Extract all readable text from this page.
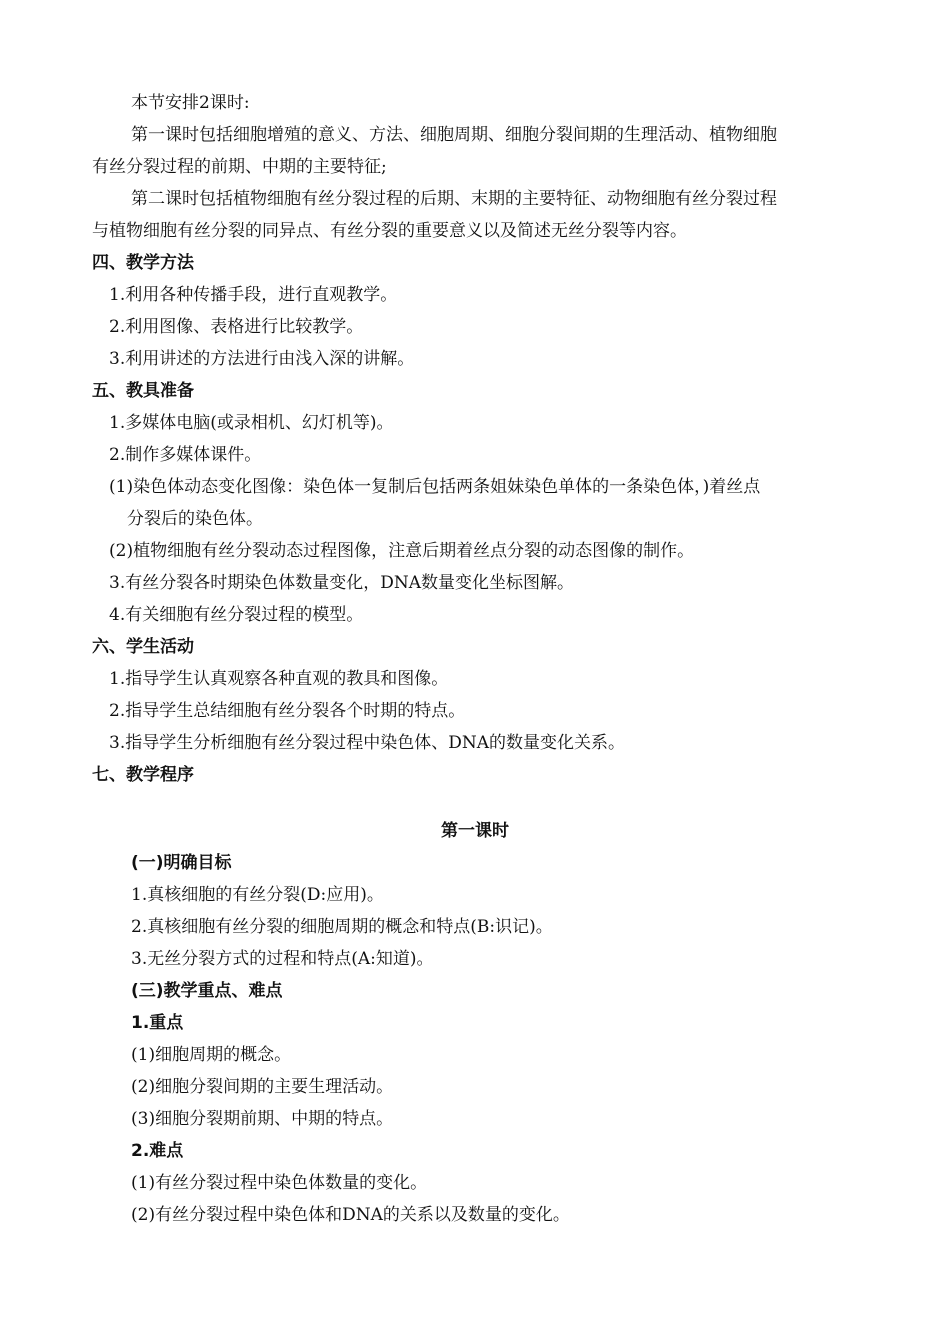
本节安排2课时:
第一课时包括细胞增殖的意义、方法、细胞周期、细胞分裂间期的生理活动、植物细胞
有丝分裂过程的前期、中期的主要特征;
第二课时包括植物细胞有丝分裂过程的后期、末期的主要特征、动物细胞有丝分裂过程
与植物细胞有丝分裂的同异点、有丝分裂的重要意义以及简述无丝分裂等内容。
四、教学方法
1.利用各种传播手段，进行直观教学。
2.利用图像、表格进行比较教学。
3.利用讲述的方法进行由浅入深的讲解。
五、教具准备
1.多媒体电脑(或录相机、幻灯机等)。
2.制作多媒体课件。
(1)染色体动态变化图像：染色体一复制后包括两条姐妹染色单体的一条染色体，)着丝点
分裂后的染色体。
(2)植物细胞有丝分裂动态过程图像，注意后期着丝点分裂的动态图像的制作。
3.有丝分裂各时期染色体数量变化，DNA数量变化坐标图解。
4.有关细胞有丝分裂过程的模型。
六、学生活动
1.指导学生认真观察各种直观的教具和图像。
2.指导学生总结细胞有丝分裂各个时期的特点。
3.指导学生分析细胞有丝分裂过程中染色体、DNA的数量变化关系。
七、教学程序
第一课时
(一)明确目标
1.真核细胞的有丝分裂(D:应用)。
2.真核细胞有丝分裂的细胞周期的概念和特点(B:识记)。
3.无丝分裂方式的过程和特点(A:知道)。
(三)教学重点、难点
1.重点
(1)细胞周期的概念。
(2)细胞分裂间期的主要生理活动。
(3)细胞分裂期前期、中期的特点。
2.难点
(1)有丝分裂过程中染色体数量的变化。
(2)有丝分裂过程中染色体和DNA的关系以及数量的变化。
